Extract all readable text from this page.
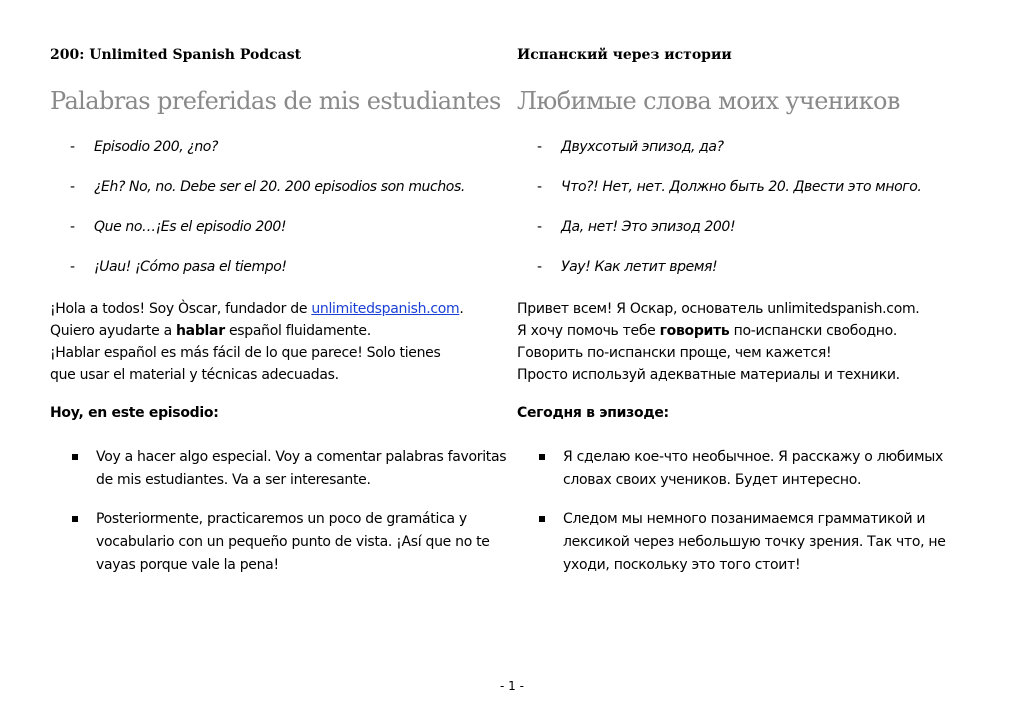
200: Unlimited Spanish Podcast
Palabras preferidas de mis estudiantes
-	Episodio 200, ¿no?
-	¿Eh? No, no. Debe ser el 20. 200 episodios son muchos.
-	Que no…¡Es el episodio 200!
-	¡Uau! ¡Cómo pasa el tiempo!

¡Hola a todos! Soy Òscar, fundador de unlimitedspanish.com.

Quiero ayudarte a hablar español fluidamente.

¡Hablar español es más fácil de lo que parece! Solo tienes

que usar el material y técnicas adecuadas.

Hoy, en este episodio:
Voy a hacer algo especial. Voy a comentar palabras favoritas de mis estudiantes. Va a ser interesante.
Posteriormente, practicaremos un poco de gramática y vocabulario con un pequeño punto de vista. ¡Así que no te vayas porque vale la pena!
Испанский через истории
Любимые слова моих учеников
-	Двухсотый эпизод, да?
-	Что?! Нет, нет. Должно быть 20. Двести это много.
-	Да, нет! Это эпизод 200!
-	Уау! Как летит время!

Привет всем! Я Оскар, основатель unlimitedspanish.com.

Я хочу помочь тебе говорить по-испански свободно.

Говорить по-испански проще, чем кажется!

Просто используй адекватные материалы и техники.

Сегодня в эпизоде:
Я сделаю кое-что необычное. Я расскажу о любимых словах своих учеников. Будет интересно.
Следом мы немного позанимаемся грамматикой и лексикой через небольшую точку зрения. Так что, не уходи, поскольку это того стоит!
- 1 -
